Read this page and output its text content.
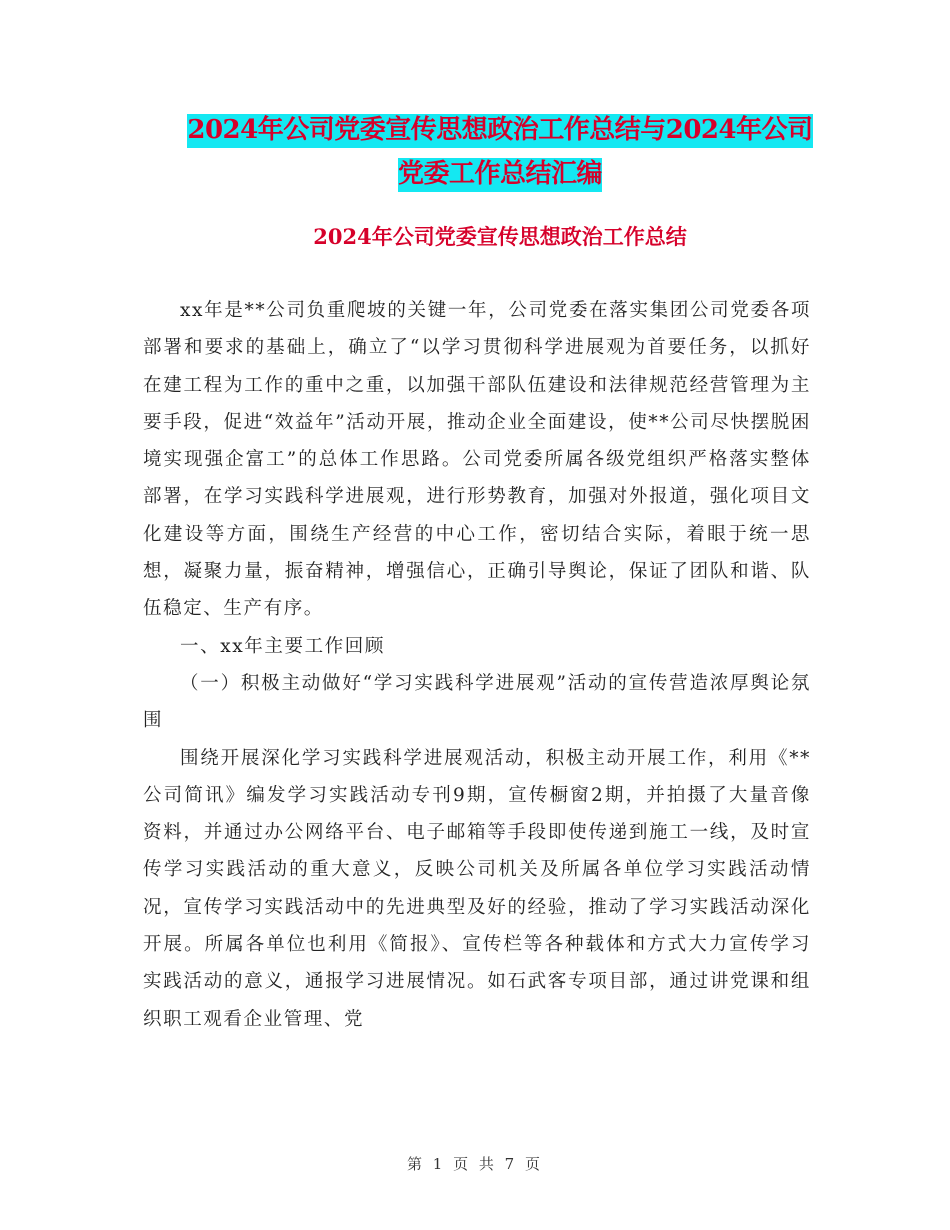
2024年公司党委宣传思想政治工作总结与2024年公司
党委工作总结汇编
2024年公司党委宣传思想政治工作总结

xx年是**公司负重爬坡的关键一年，公司党委在落实集团公司党委各项部署和要求的基础上，确立了“以学习贯彻科学进展观为首要任务，以抓好在建工程为工作的重中之重，以加强干部队伍建设和法律规范经营管理为主要手段，促进“效益年”活动开展，推动企业全面建设，使**公司尽快摆脱困境实现强企富工”的总体工作思路。公司党委所属各级党组织严格落实整体部署，在学习实践科学进展观，进行形势教育，加强对外报道，强化项目文化建设等方面，围绕生产经营的中心工作，密切结合实际，着眼于统一思想，凝聚力量，振奋精神，增强信心，正确引导舆论，保证了团队和谐、队伍稳定、生产有序。

一、xx年主要工作回顾

（一）积极主动做好“学习实践科学进展观”活动的宣传营造浓厚舆论氛围

围绕开展深化学习实践科学进展观活动，积极主动开展工作，利用《**公司简讯》编发学习实践活动专刊9期，宣传橱窗2期，并拍摄了大量音像资料，并通过办公网络平台、电子邮箱等手段即使传递到施工一线，及时宣传学习实践活动的重大意义，反映公司机关及所属各单位学习实践活动情况，宣传学习实践活动中的先进典型及好的经验，推动了学习实践活动深化开展。所属各单位也利用《简报》、宣传栏等各种载体和方式大力宣传学习实践活动的意义，通报学习进展情况。如石武客专项目部，通过讲党课和组织职工观看企业管理、党

第 1 页 共 7 页
